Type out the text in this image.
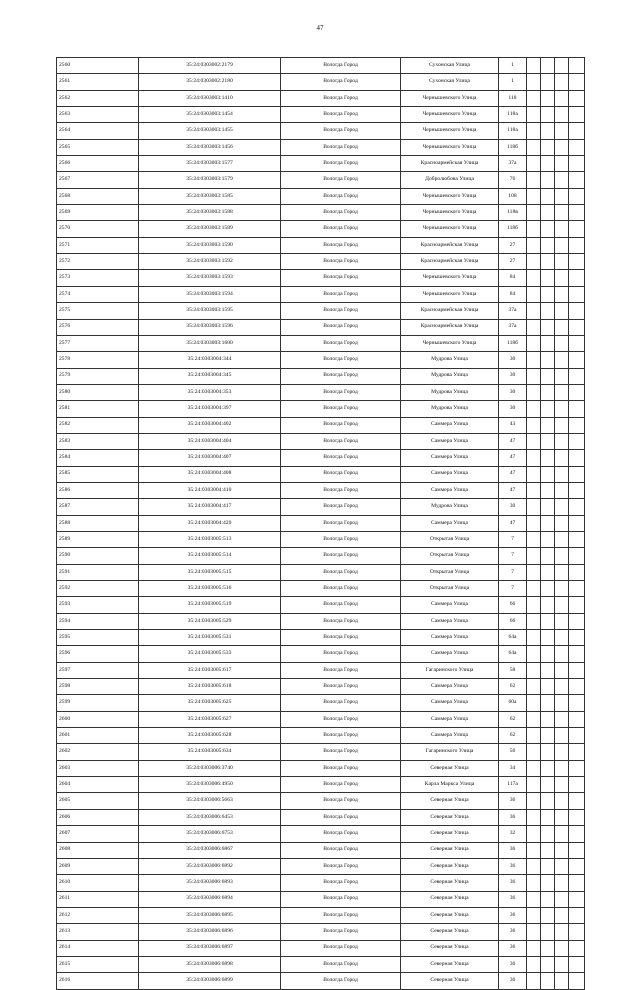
47
2560	35:24:0303002:2179	Вологда Город	Сухонская Улица	1				
2561	35:24:0303002:2180	Вологда Город	Сухонская Улица	1				
2562	35:24:0303003:1410	Вологда Город	Чернышевского Улица	118				
2563	35:24:0303003:1454	Вологда Город	Чернышевского Улица	118а				
2564	35:24:0303003:1455	Вологда Город	Чернышевского Улица	118а				
2565	35:24:0303003:1456	Вологда Город	Чернышевского Улица	118б				
2566	35:24:0303003:1577	Вологда Город	Красноармейская Улица	37а				
2567	35:24:0303003:1579	Вологда Город	Добролюбова Улица	76				
2568	35:24:0303003:1585	Вологда Город	Чернышевского Улица	108				
2569	35:24:0303003:1588	Вологда Город	Чернышевского Улица	118в				
2570	35:24:0303003:1589	Вологда Город	Чернышевского Улица	118б				
2571	35:24:0303003:1590	Вологда Город	Красноармейская Улица	27				
2572	35:24:0303003:1592	Вологда Город	Красноармейская Улица	27				
2573	35:24:0303003:1593	Вологда Город	Чернышевского Улица	84				
2574	35:24:0303003:1594	Вологда Город	Чернышевского Улица	84				
2575	35:24:0303003:1595	Вологда Город	Красноармейская Улица	37а				
2576	35:24:0303003:1596	Вологда Город	Красноармейская Улица	37а				
2577	35:24:0303003:1600	Вологда Город	Чернышевского Улица	118б				
2578	35:24:0303004:344	Вологда Город	Мудрова Улица	30				
2579	35:24:0303004:345	Вологда Город	Мудрова Улица	30				
2580	35:24:0303004:353	Вологда Город	Мудрова Улица	30				
2581	35:24:0303004:397	Вологда Город	Мудрова Улица	30				
2582	35:24:0303004:402	Вологда Город	Саммера Улица	43				
2583	35:24:0303004:404	Вологда Город	Саммера Улица	47				
2584	35:24:0303004:407	Вологда Город	Саммера Улица	47				
2585	35:24:0303004:408	Вологда Город	Саммера Улица	47				
2586	35:24:0303004:410	Вологда Город	Саммера Улица	47				
2587	35:24:0303004:417	Вологда Город	Мудрова Улица	30				
2588	35:24:0303004:420	Вологда Город	Саммера Улица	47				
2589	35:24:0303005:513	Вологда Город	Открытая Улица	7				
2590	35:24:0303005:514	Вологда Город	Открытая Улица	7				
2591	35:24:0303005:515	Вологда Город	Открытая Улица	7				
2592	35:24:0303005:516	Вологда Город	Открытая Улица	7				
2593	35:24:0303005:519	Вологда Город	Саммера Улица	66				
2594	35:24:0303005:529	Вологда Город	Саммера Улица	66				
2595	35:24:0303005:531	Вологда Город	Саммера Улица	64а				
2596	35:24:0303005:533	Вологда Город	Саммера Улица	64а				
2597	35:24:0303005:617	Вологда Город	Гагаринского Улица	58				
2598	35:24:0303005:618	Вологда Город	Саммера Улица	62				
2599	35:24:0303005:625	Вологда Город	Саммера Улица	60а				
2600	35:24:0303005:627	Вологда Город	Саммера Улица	62				
2601	35:24:0303005:628	Вологда Город	Саммера Улица	62				
2602	35:24:0303005:634	Вологда Город	Гагаринского Улица	56				
2603	35:24:0303006:3740	Вологда Город	Северная Улица	34				
2604	35:24:0303006:4950	Вологда Город	Карла Маркса Улица	117а				
2605	35:24:0303006:5663	Вологда Город	Северная Улица	36				
2606	35:24:0303006:6453	Вологда Город	Северная Улица	36				
2607	35:24:0303006:6753	Вологда Город	Северная Улица	32				
2608	35:24:0303006:6867	Вологда Город	Северная Улица	36				
2609	35:24:0303006:6892	Вологда Город	Северная Улица	36				
2610	35:24:0303006:6893	Вологда Город	Северная Улица	36				
2611	35:24:0303006:6894	Вологда Город	Северная Улица	36				
2612	35:24:0303006:6895	Вологда Город	Северная Улица	36				
2613	35:24:0303006:6896	Вологда Город	Северная Улица	36				
2614	35:24:0303006:6897	Вологда Город	Северная Улица	36				
2615	35:24:0303006:6898	Вологда Город	Северная Улица	36				
2616	35:24:0303006:6899	Вологда Город	Северная Улица	36				
